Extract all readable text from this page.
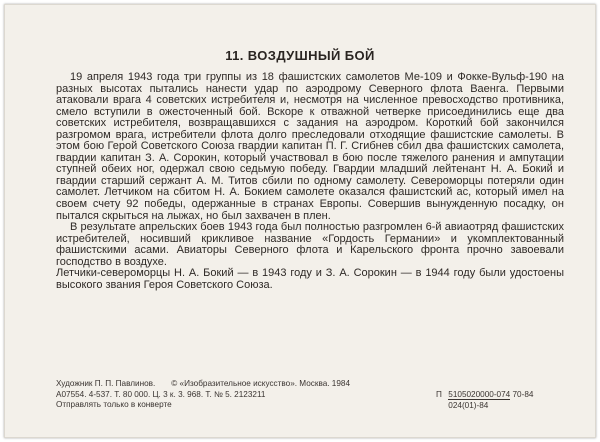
11. ВОЗДУШНЫЙ БОЙ

19 апреля 1943 года три группы из 18 фашистских самолетов Ме-109 и Фокке-Вульф-190 на разных высотах пытались нанести удар по аэродрому Северного флота Ваенга. Первыми атаковали врага 4 советских истребителя и, несмотря на численное превосходство противника, смело вступили в ожесточенный бой. Вскоре к отважной четверке присоединились еще два советских истребителя, возвращавшихся с задания на аэродром. Короткий бой закончился разгромом врага, истребители флота долго преследовали отходящие фашистские самолеты. В этом бою Герой Советского Союза гвардии капитан П. Г. Сгибнев сбил два фашистских самолета, гвардии капитан З. А. Сорокин, который участвовал в бою после тяжелого ранения и ампутации ступней обеих ног, одержал свою седьмую победу. Гвардии младший лейтенант Н. А. Бокий и гвардии старший сержант А. М. Титов сбили по одному самолету. Североморцы потеряли один самолет. Летчиком на сбитом Н. А. Бокием самолете оказался фашистский ас, который имел на своем счету 92 победы, одержанные в странах Европы. Совершив вынужденную посадку, он пытался скрыться на лыжах, но был захвачен в плен.

В результате апрельских боев 1943 года был полностью разгромлен 6-й авиаотряд фашистских истребителей, носивший крикливое название «Гордость Германии» и укомплектованный фашистскими асами. Авиаторы Северного флота и Карельского фронта прочно завоевали господство в воздухе.

Летчики-североморцы Н. А. Бокий — в 1943 году и З. А. Сорокин — в 1944 году были удостоены высокого звания Героя Советского Союза.

Художник П. П. Павлинов. © «Изобразительное искусство». Москва. 1984
А07554. 4-537. Т. 80 000. Ц. 3 к. 3. 968. Т. № 5. 2123211
Отправлять только в конверте
П 5105020000-074 70-84
024(01)-84
